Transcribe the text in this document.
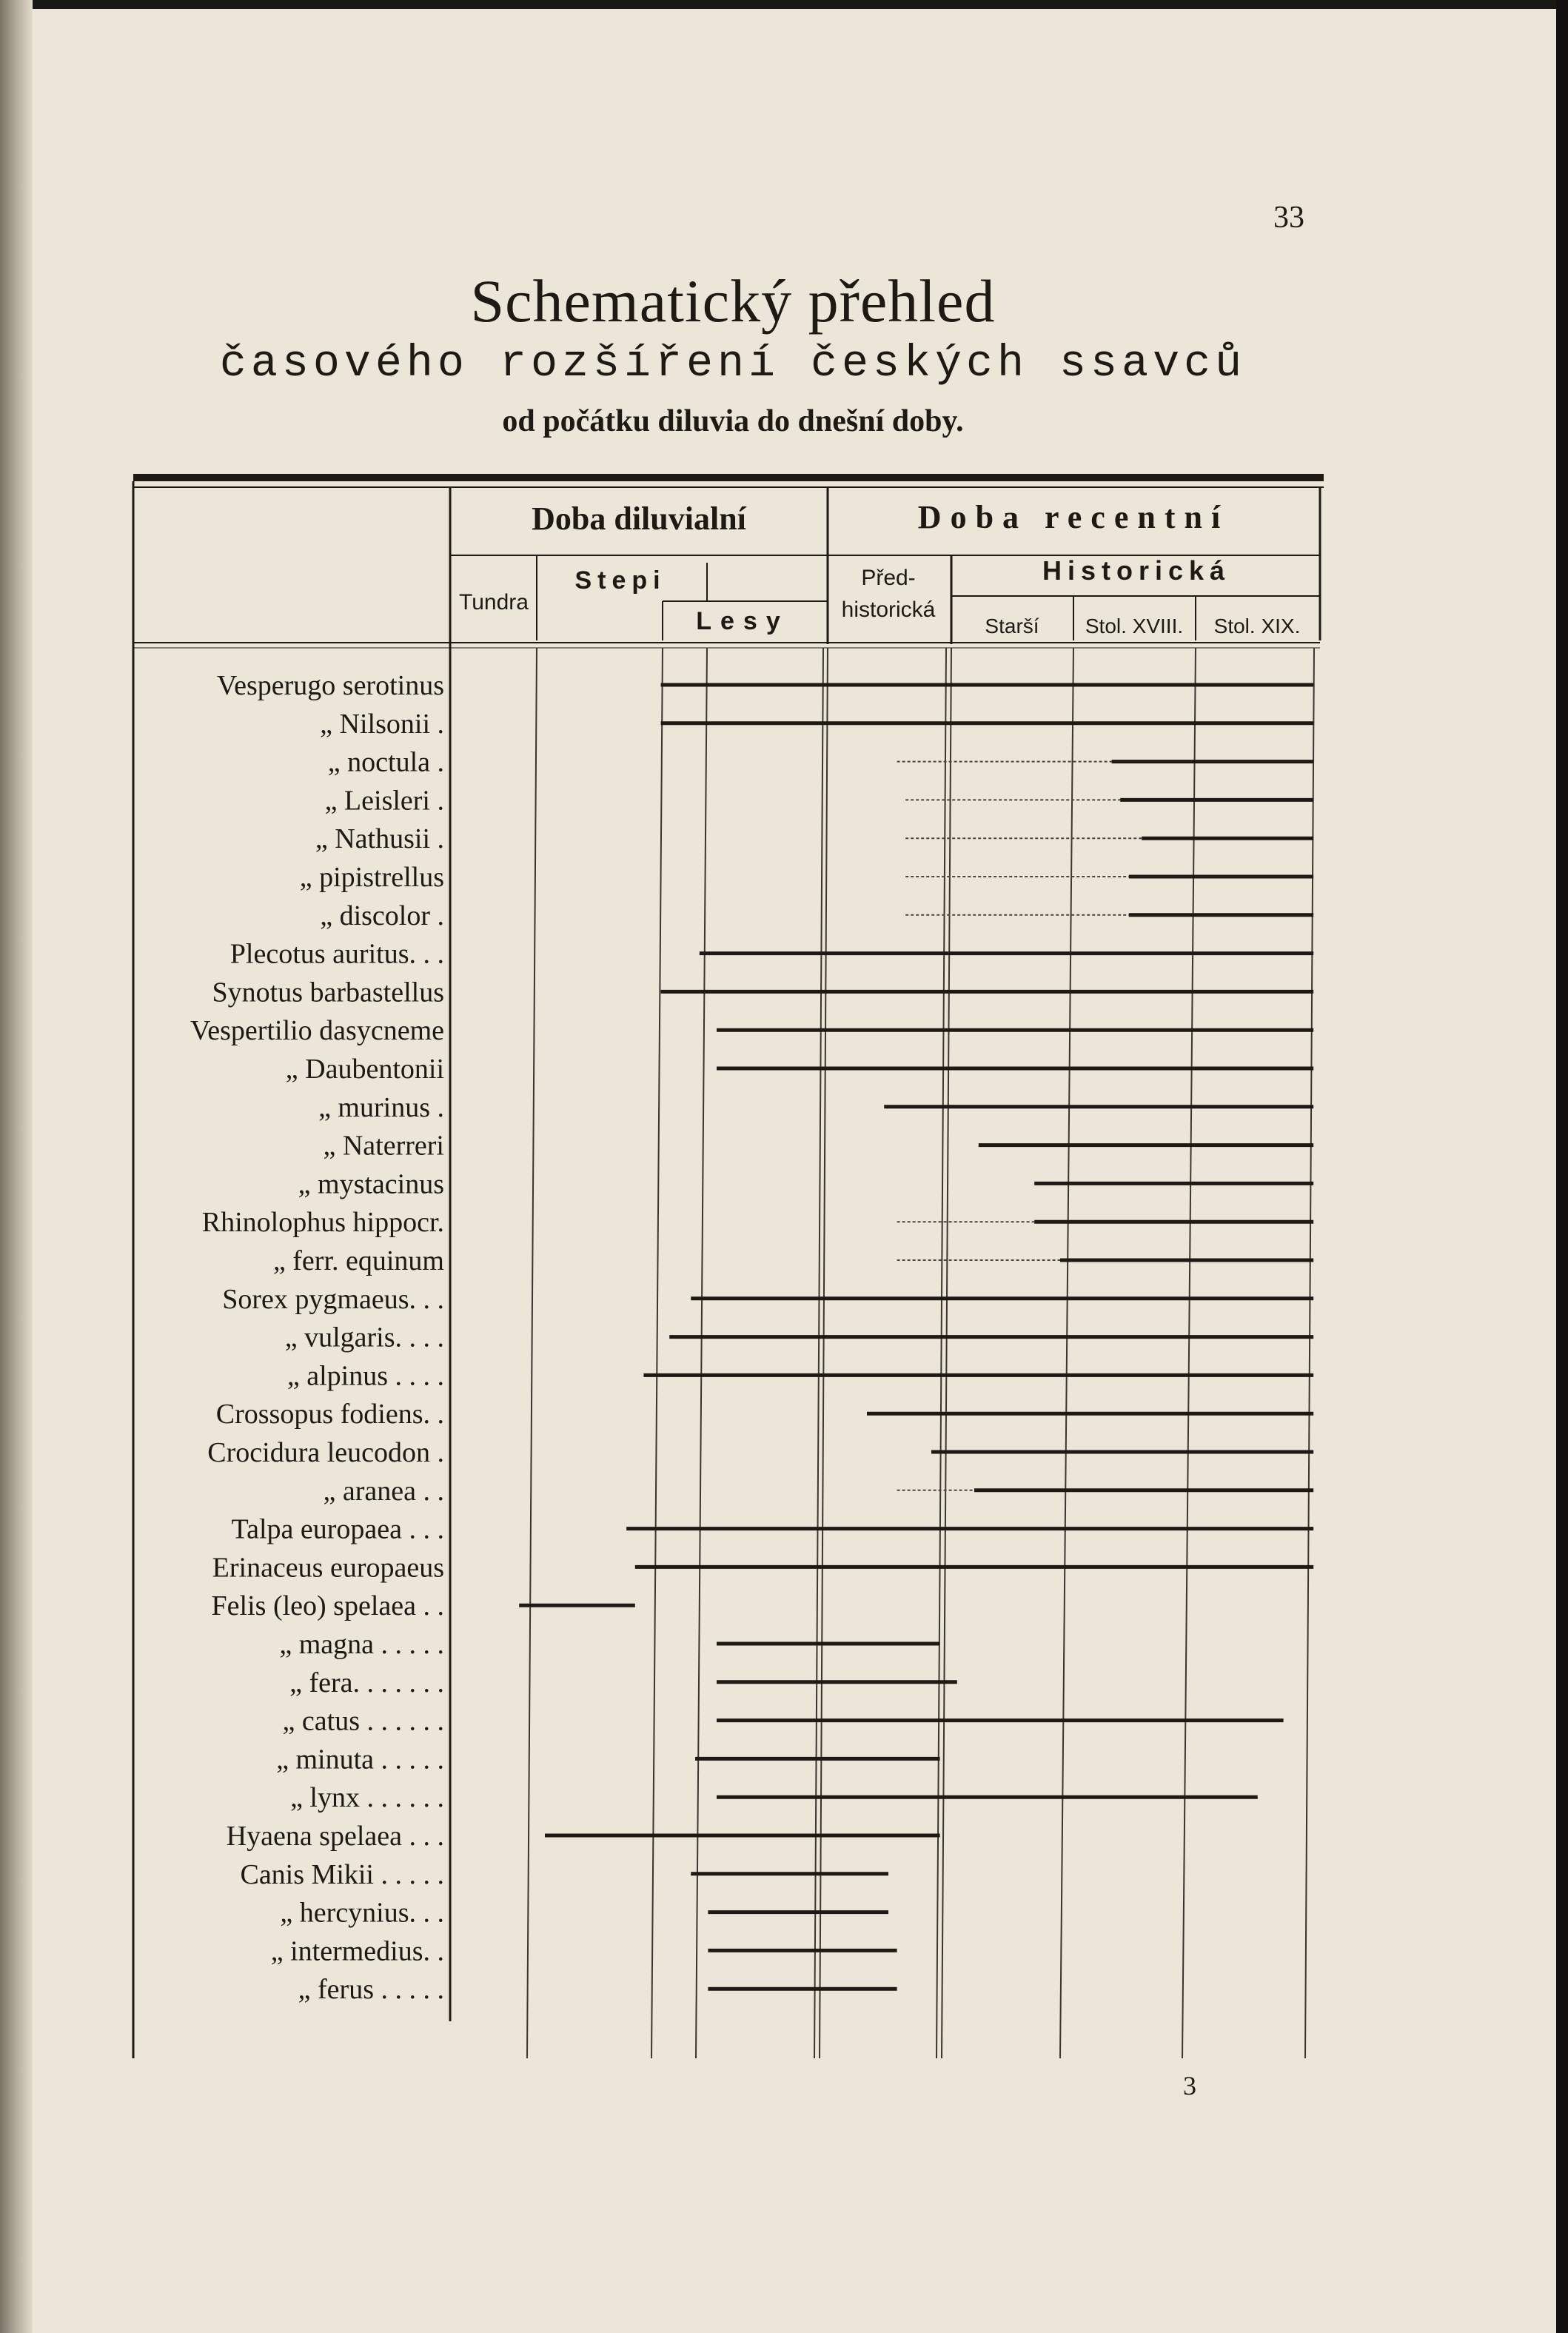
33
Schematický přehled
časového rozšíření českých ssavců
od počátku diluvia do dnešní doby.
Doba diluvialní	Doba recentní
Tundra
Stepi
Lesy
Před-
historická
Historická
Starší Stol. XVIII. Stol. XIX.
Vesperugo serotinus
„ Nilsonii .
„ noctula .
„ Leisleri .
„ Nathusii .
„ pipistrellus
„ discolor .
Plecotus auritus. . .
Synotus barbastellus
Vespertilio dasycneme
„ Daubentonii
„ murinus .
„ Naterreri
„ mystacinus
Rhinolophus hippocr.
„ ferr. equinum
Sorex pygmaeus. . .
„ vulgaris. . . .
„ alpinus . . . .
Crossopus fodiens. .
Crocidura leucodon .
„ aranea . .
Talpa europaea . . .
Erinaceus europaeus
Felis (leo) spelaea . .
„ magna . . . . .
„ fera. . . . . . .
„ catus . . . . . .
„ minuta . . . . .
„ lynx . . . . . .
Hyaena spelaea . . .
Canis Mikii . . . . .
„ hercynius. . .
„ intermedius. .
„ ferus . . . . .
3
